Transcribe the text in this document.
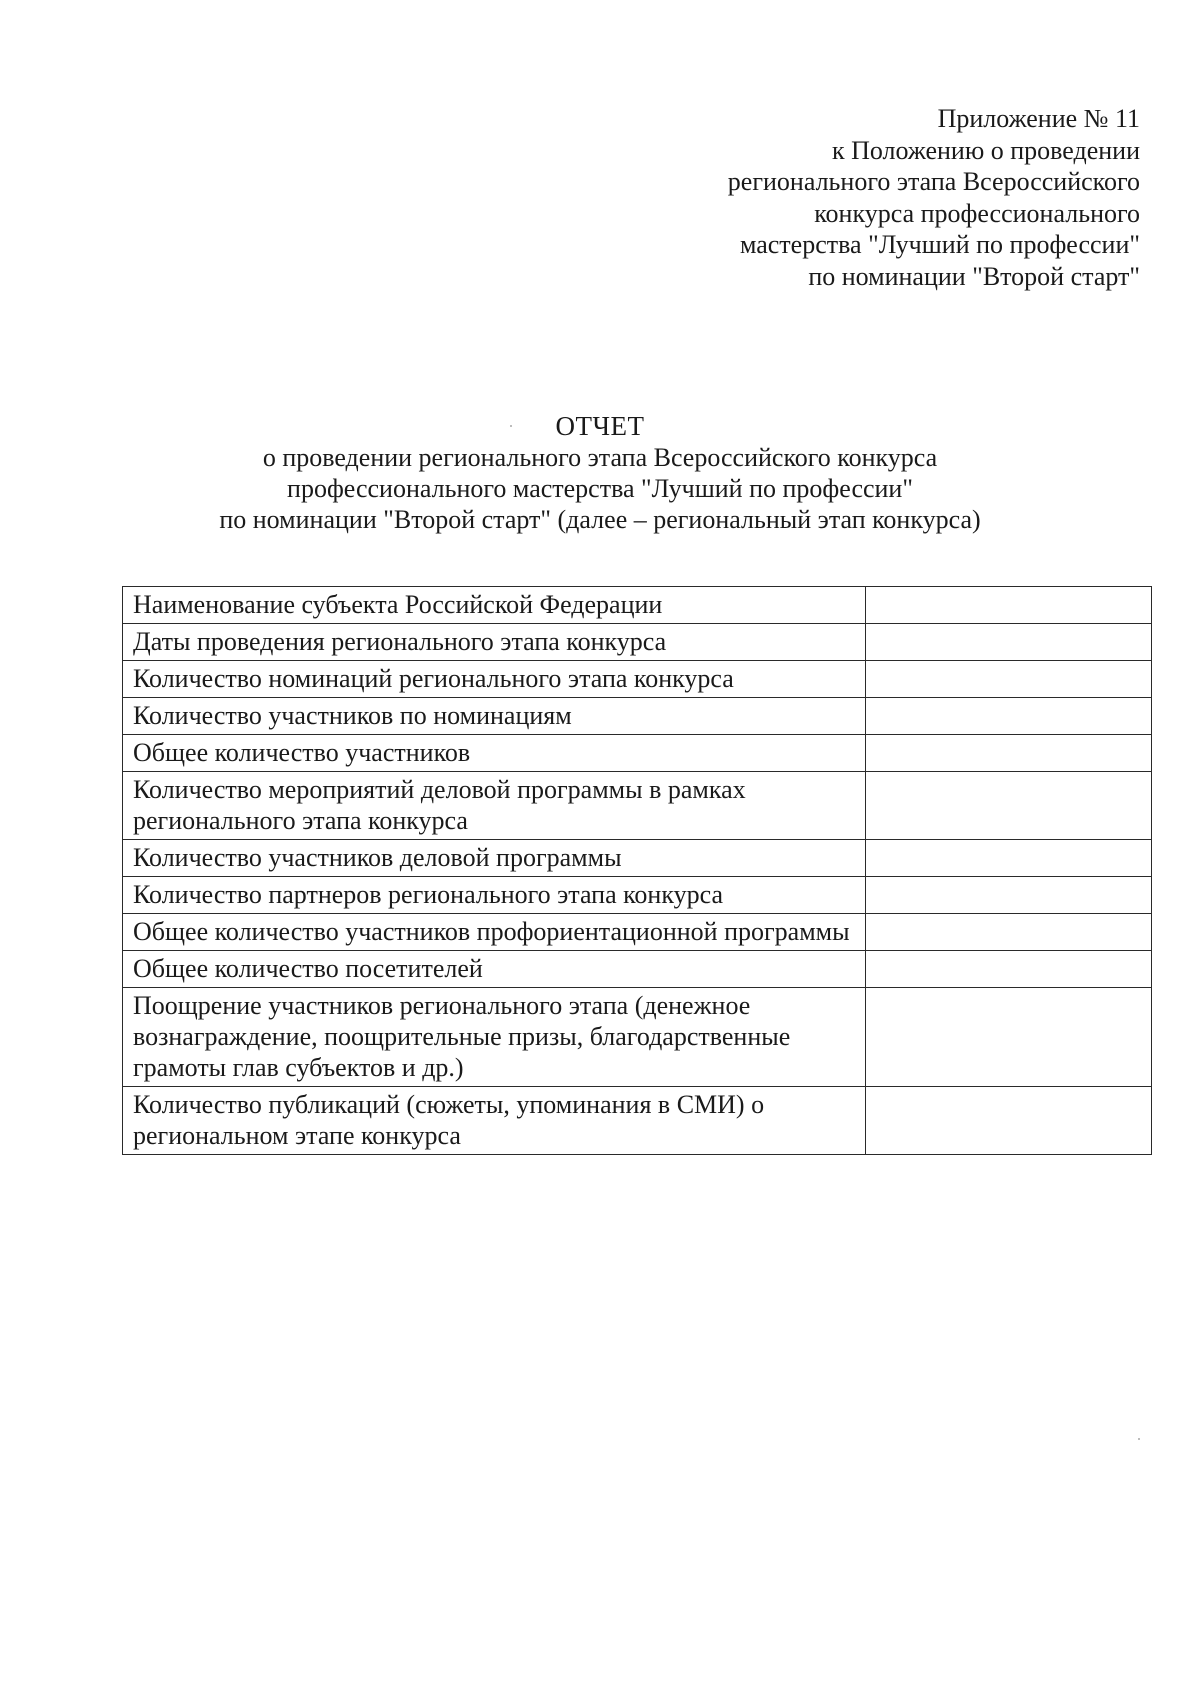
Приложение № 11
к Положению о проведении
регионального этапа Всероссийского
конкурса профессионального
мастерства "Лучший по профессии"
по номинации "Второй старт"
ОТЧЕТ
о проведении регионального этапа Всероссийского конкурса
профессионального мастерства "Лучший по профессии"
по номинации "Второй старт" (далее – региональный этап конкурса)
Наименование субъекта Российской Федерации	
Даты проведения регионального этапа конкурса	
Количество номинаций регионального этапа конкурса	
Количество участников по номинациям	
Общее количество участников	
Количество мероприятий деловой программы в рамках регионального этапа конкурса	
Количество участников деловой программы	
Количество партнеров регионального этапа конкурса	
Общее количество участников профориентационной программы	
Общее количество посетителей	
Поощрение участников регионального этапа (денежное вознаграждение, поощрительные призы, благодарственные грамоты глав субъектов и др.)	
Количество публикаций (сюжеты, упоминания в СМИ) о региональном этапе конкурса	
